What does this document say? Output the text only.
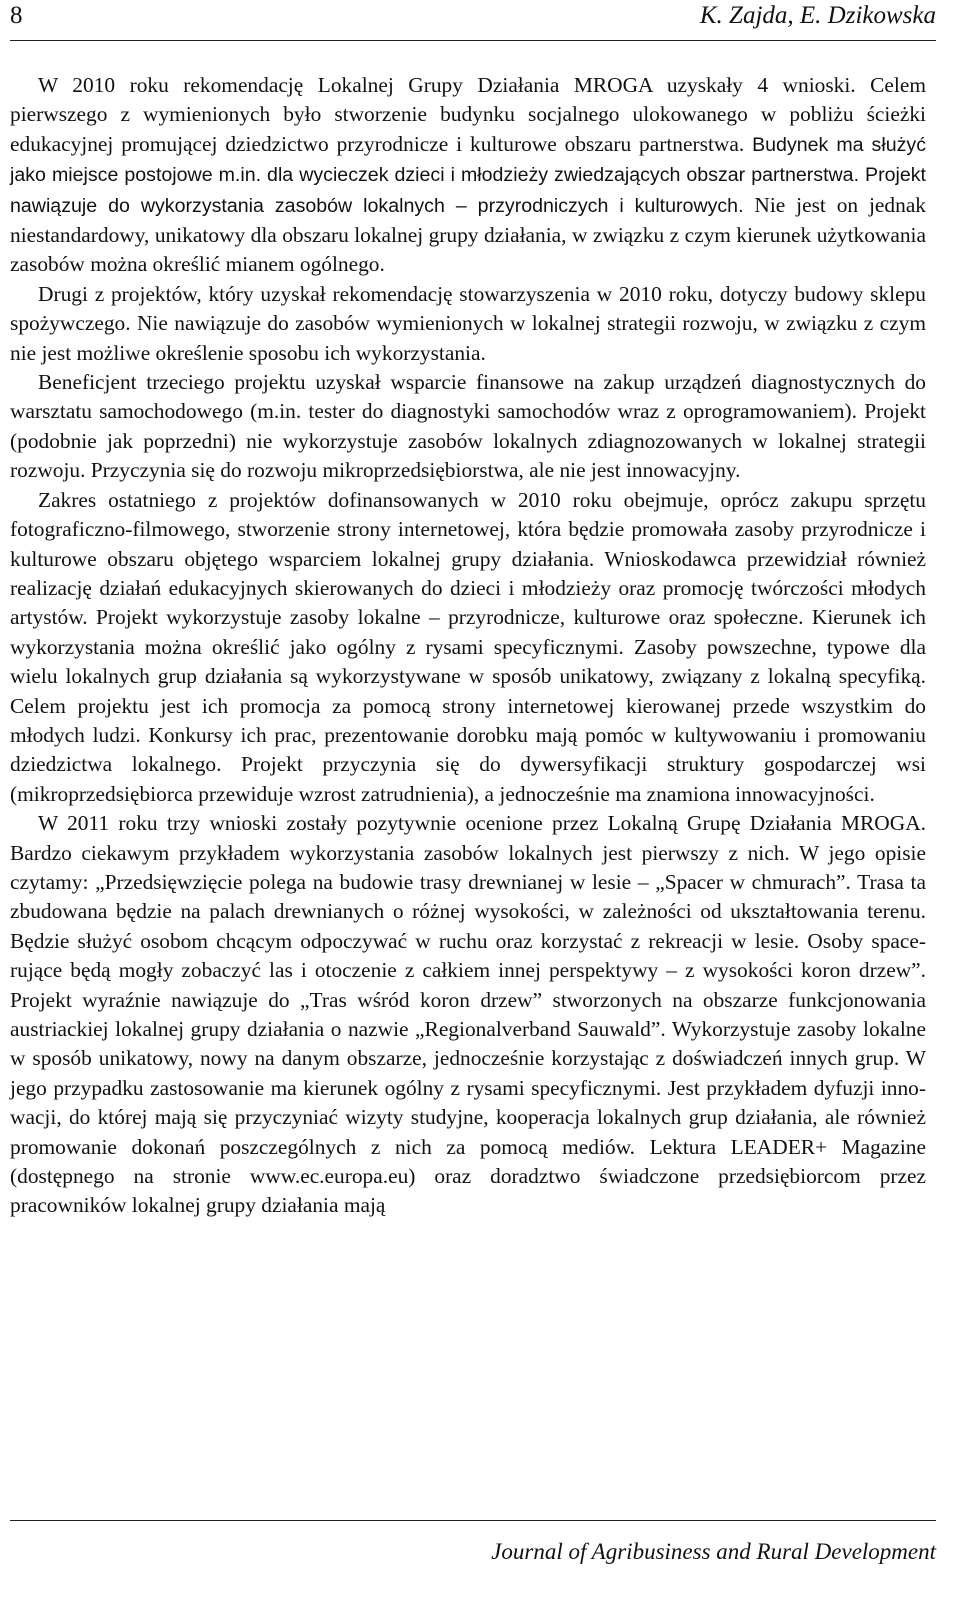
8	K. Zajda, E. Dzikowska

W 2010 roku rekomendację Lokalnej Grupy Działania MROGA uzyskały 4 wnioski. Celem pierwszego z wymienionych było stworzenie budynku socjalnego ulokowanego w pobliżu ścieżki edukacyjnej promującej dziedzictwo przyrodnicze i kulturowe obszaru partnerstwa. Budynek ma służyć jako miejsce postojowe m.in. dla wycieczek dzieci i młodzieży zwiedzających obszar partnerstwa. Projekt nawiązuje do wykorzystania zasobów lokalnych – przyrodniczych i kulturowych. Nie jest on jednak niestandardowy, unikatowy dla obszaru lokalnej grupy działania, w związku z czym kierunek użytkowania zasobów można określić mianem ogólnego.

Drugi z projektów, który uzyskał rekomendację stowarzyszenia w 2010 roku, dotyczy budowy sklepu spożywczego. Nie nawiązuje do zasobów wymienionych w lokalnej strategii rozwoju, w związku z czym nie jest możliwe określenie sposobu ich wykorzystania.

Beneficjent trzeciego projektu uzyskał wsparcie finansowe na zakup urządzeń diagnostycznych do warsztatu samochodowego (m.in. tester do diagnostyki samochodów wraz z oprogramowaniem). Projekt (podobnie jak poprzedni) nie wykorzystuje zasobów lokalnych zdiagnozowanych w lokalnej strategii rozwoju. Przyczynia się do rozwoju mikroprzedsiębiorstwa, ale nie jest innowacyjny.

Zakres ostatniego z projektów dofinansowanych w 2010 roku obejmuje, oprócz zakupu sprzętu fotograficzno-filmowego, stworzenie strony internetowej, która będzie promowała zasoby przyrodnicze i kulturowe obszaru objętego wsparciem lokalnej grupy działania. Wnioskodawca przewidział również realizację działań edukacyjnych skierowanych do dzieci i młodzieży oraz promocję twórczości młodych artystów. Projekt wykorzystuje zasoby lokalne – przyrodnicze, kulturowe oraz społeczne. Kierunek ich wykorzystania można określić jako ogólny z rysami specyficznymi. Zasoby powszechne, typowe dla wielu lokalnych grup działania są wykorzystywane w sposób unikatowy, związany z lokalną specyfiką. Celem projektu jest ich promocja za pomocą strony internetowej kierowanej przede wszystkim do młodych ludzi. Konkursy ich prac, prezentowanie dorobku mają pomóc w kultywowaniu i promowaniu dziedzictwa lokalnego. Projekt przyczynia się do dywersyfikacji struktury gospodarczej wsi (mikroprzedsiębiorca przewiduje wzrost zatrudnienia), a jednocześnie ma znamiona innowacyjności.

W 2011 roku trzy wnioski zostały pozytywnie ocenione przez Lokalną Grupę Działania MROGA. Bardzo ciekawym przykładem wykorzystania zasobów lokalnych jest pierwszy z nich. W jego opisie czytamy: „Przedsięwzięcie polega na budowie trasy drewnianej w lesie – „Spacer w chmurach”. Trasa ta zbudowana będzie na palach drewnianych o różnej wysokości, w zależności od ukształtowania terenu. Będzie służyć osobom chcącym odpoczywać w ruchu oraz korzystać z rekreacji w lesie. Osoby spacerujące będą mogły zobaczyć las i otoczenie z całkiem innej perspektywy – z wysokości koron drzew”. Projekt wyraźnie nawiązuje do „Tras wśród koron drzew” stworzonych na obszarze funkcjonowania austriackiej lokalnej grupy działania o nazwie „Regionalverband Sauwald”. Wykorzystuje zasoby lokalne w sposób unikatowy, nowy na danym obszarze, jednocześnie korzystając z doświadczeń innych grup. W jego przypadku zastosowanie ma kierunek ogólny z rysami specyficznymi. Jest przykładem dyfuzji innowacji, do której mają się przyczyniać wizyty studyjne, kooperacja lokalnych grup działania, ale również promowanie dokonań poszczególnych z nich za pomocą mediów. Lektura LEADER+ Magazine (dostępnego na stronie www.ec.europa.eu) oraz doradztwo świadczone przedsiębiorcom przez pracowników lokalnej grupy działania mają

Journal of Agribusiness and Rural Development
